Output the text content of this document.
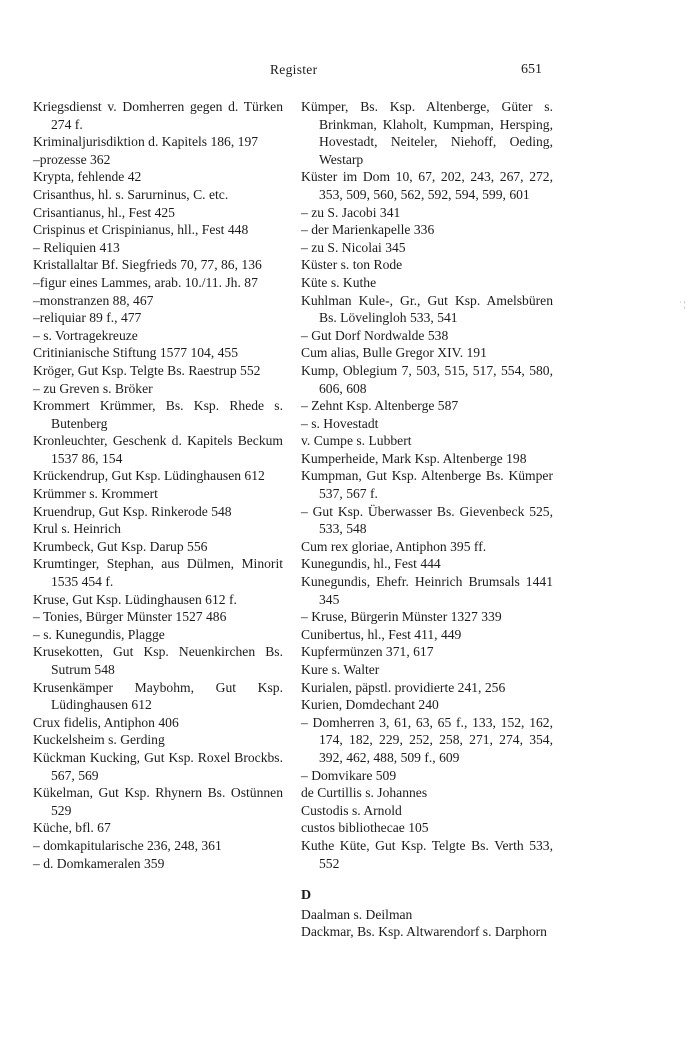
Register	651
Kriegsdienst v. Domherren gegen d. Türken 274 f.
Kriminaljurisdiktion d. Kapitels 186, 197
–prozesse 362
Krypta, fehlende 42
Crisanthus, hl. s. Sarurninus, C. etc.
Crisantianus, hl., Fest 425
Crispinus et Crispinianus, hll., Fest 448
– Reliquien 413
Kristallaltar Bf. Siegfrieds 70, 77, 86, 136
–figur eines Lammes, arab. 10./11. Jh. 87
–monstranzen 88, 467
–reliquiar 89 f., 477
– s. Vortragekreuze
Critinianische Stiftung 1577 104, 455
Kröger, Gut Ksp. Telgte Bs. Raestrup 552
– zu Greven s. Bröker
Krommert Krümmer, Bs. Ksp. Rhede s. Butenberg
Kronleuchter, Geschenk d. Kapitels Beckum 1537 86, 154
Krückendrup, Gut Ksp. Lüdinghausen 612
Krümmer s. Krommert
Kruendrup, Gut Ksp. Rinkerode 548
Krul s. Heinrich
Krumbeck, Gut Ksp. Darup 556
Krumtinger, Stephan, aus Dülmen, Minorit 1535 454 f.
Kruse, Gut Ksp. Lüdinghausen 612 f.
– Tonies, Bürger Münster 1527 486
– s. Kunegundis, Plagge
Krusekotten, Gut Ksp. Neuenkirchen Bs. Sutrum 548
Krusenkämper Maybohm, Gut Ksp. Lüdinghausen 612
Crux fidelis, Antiphon 406
Kuckelsheim s. Gerding
Kückman Kucking, Gut Ksp. Roxel Brockbs. 567, 569
Kükelman, Gut Ksp. Rhynern Bs. Ostünnen 529
Küche, bfl. 67
– domkapitularische 236, 248, 361
– d. Domkameralen 359
Kümper, Bs. Ksp. Altenberge, Güter s. Brinkman, Klaholt, Kumpman, Hersping, Hovestadt, Neiteler, Niehoff, Oeding, Westarp
Küster im Dom 10, 67, 202, 243, 267, 272, 353, 509, 560, 562, 592, 594, 599, 601
– zu S. Jacobi 341
– der Marienkapelle 336
– zu S. Nicolai 345
Küster s. ton Rode
Küte s. Kuthe
Kuhlman Kule-, Gr., Gut Ksp. Amelsbüren Bs. Lövelingloh 533, 541
– Gut Dorf Nordwalde 538
Cum alias, Bulle Gregor XIV. 191
Kump, Oblegium 7, 503, 515, 517, 554, 580, 606, 608
– Zehnt Ksp. Altenberge 587
– s. Hovestadt
v. Cumpe s. Lubbert
Kumperheide, Mark Ksp. Altenberge 198
Kumpman, Gut Ksp. Altenberge Bs. Kümper 537, 567 f.
– Gut Ksp. Überwasser Bs. Gievenbeck 525, 533, 548
Cum rex gloriae, Antiphon 395 ff.
Kunegundis, hl., Fest 444
Kunegundis, Ehefr. Heinrich Brumsals 1441 345
– Kruse, Bürgerin Münster 1327 339
Cunibertus, hl., Fest 411, 449
Kupfermünzen 371, 617
Kure s. Walter
Kurialen, päpstl. providierte 241, 256
Kurien, Domdechant 240
– Domherren 3, 61, 63, 65 f., 133, 152, 162, 174, 182, 229, 252, 258, 271, 274, 354, 392, 462, 488, 509 f., 609
– Domvikare 509
de Curtillis s. Johannes
Custodis s. Arnold
custos bibliothecae 105
Kuthe Küte, Gut Ksp. Telgte Bs. Verth 533, 552
D
Daalman s. Deilman
Dackmar, Bs. Ksp. Altwarendorf s. Darphorn
˙ ¦
